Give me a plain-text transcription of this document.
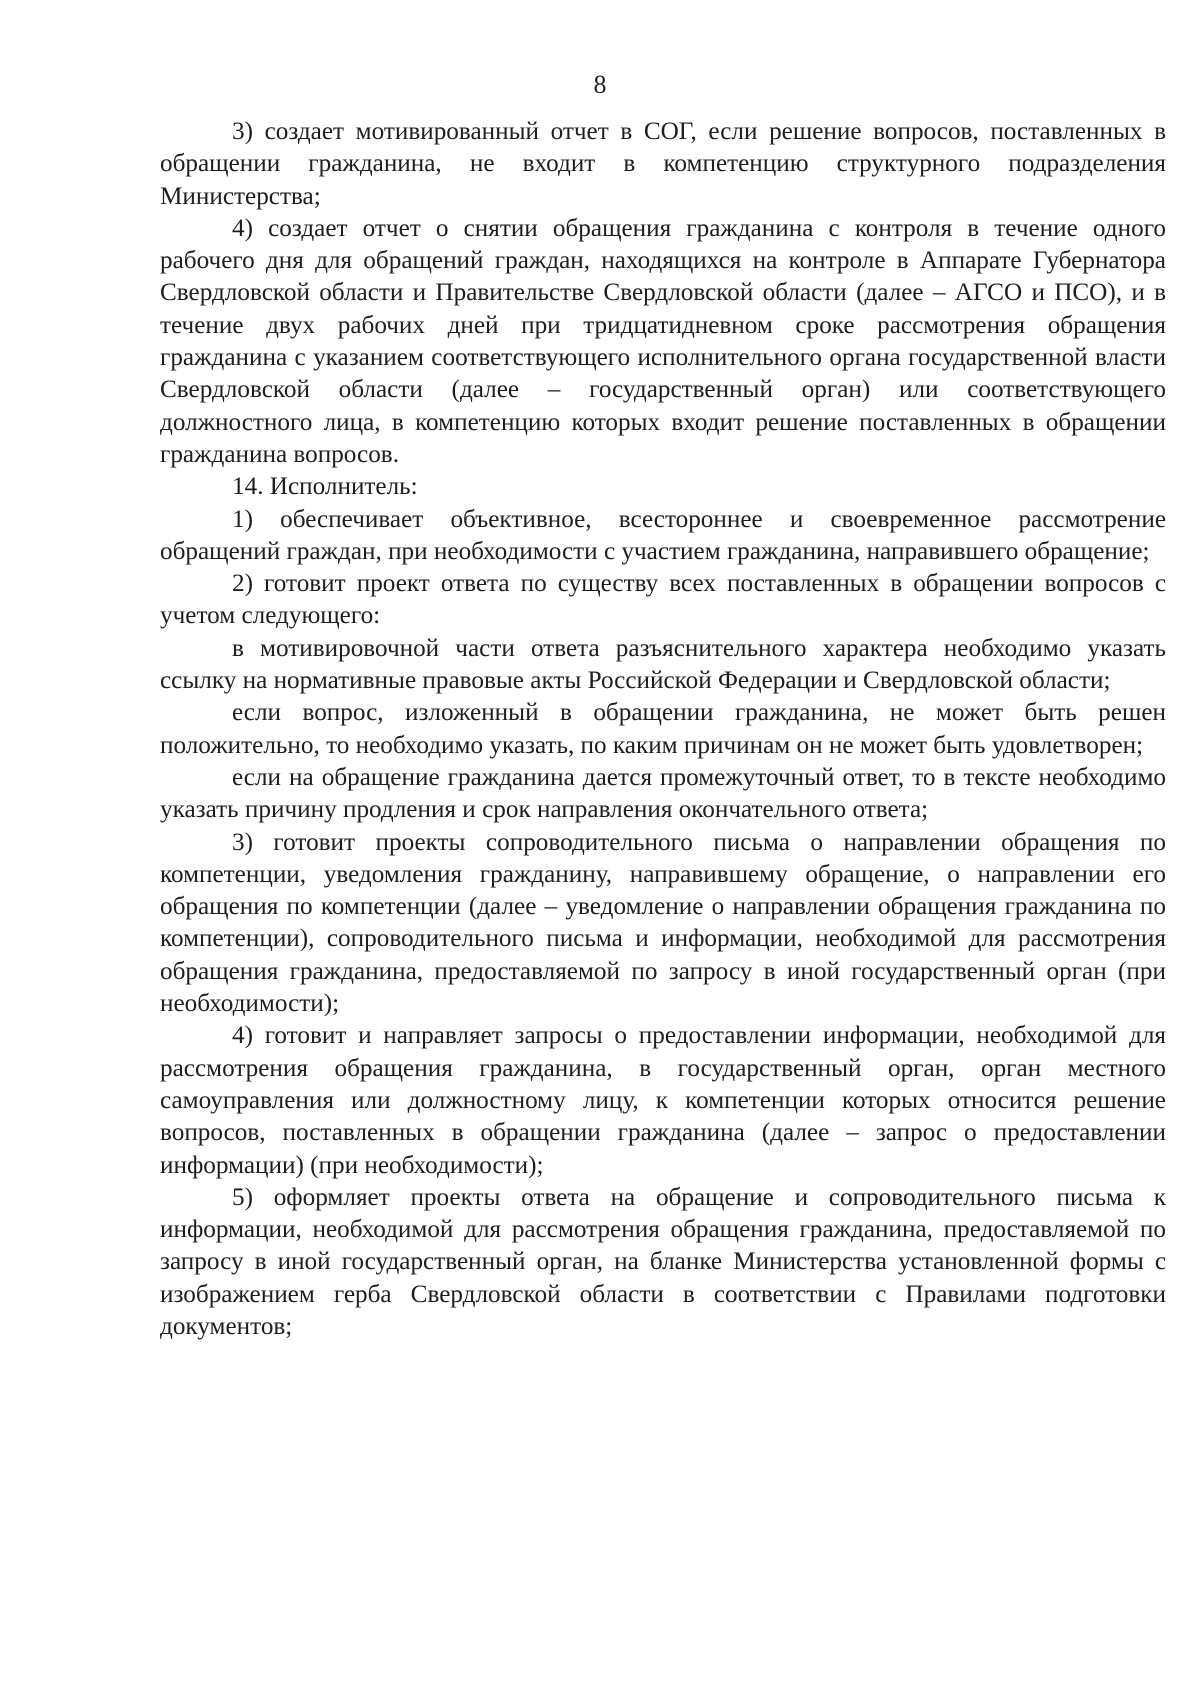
8

3) создает мотивированный отчет в СОГ, если решение вопросов, поставленных в обращении гражданина, не входит в компетенцию структурного подразделения Министерства;

4) создает отчет о снятии обращения гражданина с контроля в течение одного рабочего дня для обращений граждан, находящихся на контроле в Аппарате Губернатора Свердловской области и Правительстве Свердловской области (далее – АГСО и ПСО), и в течение двух рабочих дней при тридцатидневном сроке рассмотрения обращения гражданина с указанием соответствующего исполнительного органа государственной власти Свердловской области (далее – государственный орган) или соответствующего должностного лица, в компетенцию которых входит решение поставленных в обращении гражданина вопросов.

14. Исполнитель:

1) обеспечивает объективное, всестороннее и своевременное рассмотрение обращений граждан, при необходимости с участием гражданина, направившего обращение;

2) готовит проект ответа по существу всех поставленных в обращении вопросов с учетом следующего:

в мотивировочной части ответа разъяснительного характера необходимо указать ссылку на нормативные правовые акты Российской Федерации и Свердловской области;

если вопрос, изложенный в обращении гражданина, не может быть решен положительно, то необходимо указать, по каким причинам он не может быть удовлетворен;

если на обращение гражданина дается промежуточный ответ, то в тексте необходимо указать причину продления и срок направления окончательного ответа;

3) готовит проекты сопроводительного письма о направлении обращения по компетенции, уведомления гражданину, направившему обращение, о направлении его обращения по компетенции (далее – уведомление о направлении обращения гражданина по компетенции), сопроводительного письма и информации, необходимой для рассмотрения обращения гражданина, предоставляемой по запросу в иной государственный орган (при необходимости);

4) готовит и направляет запросы о предоставлении информации, необходимой для рассмотрения обращения гражданина, в государственный орган, орган местного самоуправления или должностному лицу, к компетенции которых относится решение вопросов, поставленных в обращении гражданина (далее – запрос о предоставлении информации) (при необходимости);

5) оформляет проекты ответа на обращение и сопроводительного письма к информации, необходимой для рассмотрения обращения гражданина, предоставляемой по запросу в иной государственный орган, на бланке Министерства установленной формы с изображением герба Свердловской области в соответствии с Правилами подготовки документов;
